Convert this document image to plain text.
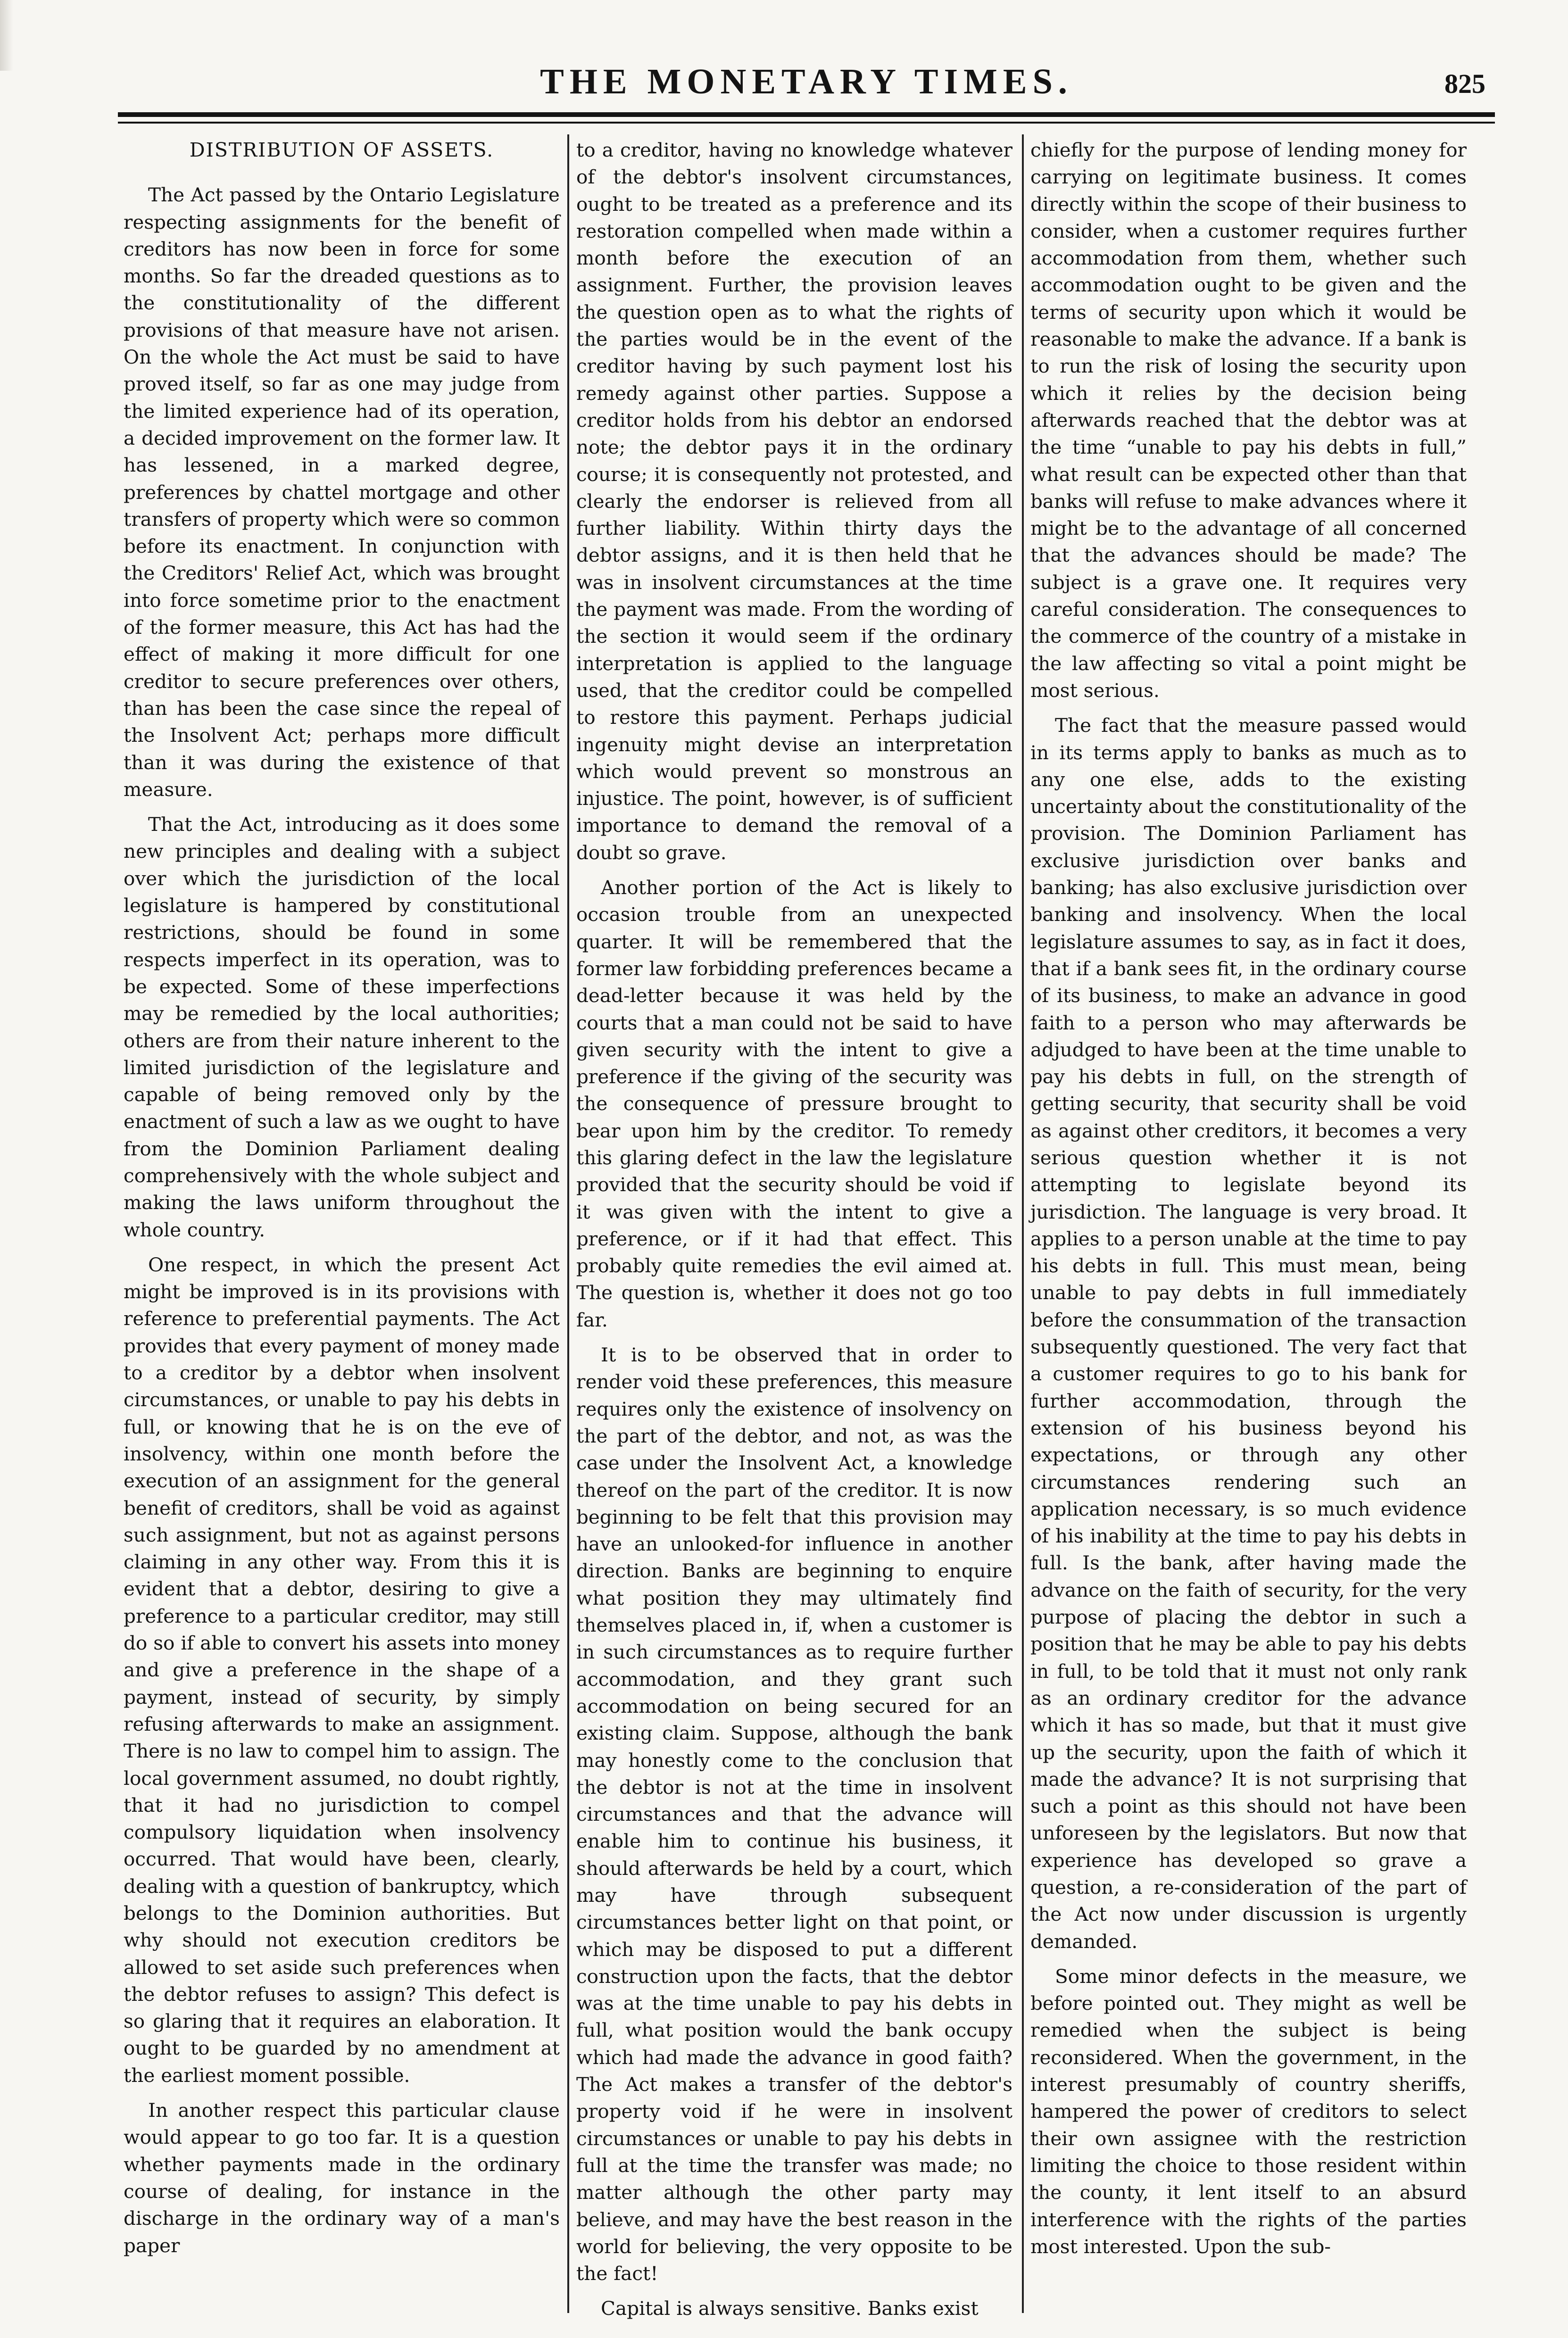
THE MONETARY TIMES.	825
DISTRIBUTION OF ASSETS.

The Act passed by the Ontario Legislature respecting assignments for the benefit of creditors has now been in force for some months. So far the dreaded questions as to the constitutionality of the different provisions of that measure have not arisen. On the whole the Act must be said to have proved itself, so far as one may judge from the limited experience had of its operation, a decided improvement on the former law. It has lessened, in a marked degree, preferences by chattel mortgage and other transfers of property which were so common before its enactment. In conjunction with the Creditors' Relief Act, which was brought into force sometime prior to the enactment of the former measure, this Act has had the effect of making it more difficult for one creditor to secure preferences over others, than has been the case since the repeal of the Insolvent Act; perhaps more difficult than it was during the existence of that measure.

That the Act, introducing as it does some new principles and dealing with a subject over which the jurisdiction of the local legislature is hampered by constitutional restrictions, should be found in some respects imperfect in its operation, was to be expected. Some of these imperfections may be remedied by the local authorities; others are from their nature inherent to the limited jurisdiction of the legislature and capable of being removed only by the enactment of such a law as we ought to have from the Dominion Parliament dealing comprehensively with the whole subject and making the laws uniform throughout the whole country.

One respect, in which the present Act might be improved is in its provisions with reference to preferential payments. The Act provides that every payment of money made to a creditor by a debtor when insolvent circumstances, or unable to pay his debts in full, or knowing that he is on the eve of insolvency, within one month before the execution of an assignment for the general benefit of creditors, shall be void as against such assignment, but not as against persons claiming in any other way. From this it is evident that a debtor, desiring to give a preference to a particular creditor, may still do so if able to convert his assets into money and give a preference in the shape of a payment, instead of security, by simply refusing afterwards to make an assignment. There is no law to compel him to assign. The local government assumed, no doubt rightly, that it had no jurisdiction to compel compulsory liquidation when insolvency occurred. That would have been, clearly, dealing with a question of bankruptcy, which belongs to the Dominion authorities. But why should not execution creditors be allowed to set aside such preferences when the debtor refuses to assign? This defect is so glaring that it requires an elaboration. It ought to be guarded by no amendment at the earliest moment possible.

In another respect this particular clause would appear to go too far. It is a question whether payments made in the ordinary course of dealing, for instance in the discharge in the ordinary way of a man's paper

to a creditor, having no knowledge whatever of the debtor's insolvent circumstances, ought to be treated as a preference and its restoration compelled when made within a month before the execution of an assignment. Further, the provision leaves the question open as to what the rights of the parties would be in the event of the creditor having by such payment lost his remedy against other parties. Suppose a creditor holds from his debtor an endorsed note; the debtor pays it in the ordinary course; it is consequently not protested, and clearly the endorser is relieved from all further liability. Within thirty days the debtor assigns, and it is then held that he was in insolvent circumstances at the time the payment was made. From the wording of the section it would seem if the ordinary interpretation is applied to the language used, that the creditor could be compelled to restore this payment. Perhaps judicial ingenuity might devise an interpretation which would prevent so monstrous an injustice. The point, however, is of sufficient importance to demand the removal of a doubt so grave.

Another portion of the Act is likely to occasion trouble from an unexpected quarter. It will be remembered that the former law forbidding preferences became a dead-letter because it was held by the courts that a man could not be said to have given security with the intent to give a preference if the giving of the security was the consequence of pressure brought to bear upon him by the creditor. To remedy this glaring defect in the law the legislature provided that the security should be void if it was given with the intent to give a preference, or if it had that effect. This probably quite remedies the evil aimed at. The question is, whether it does not go too far.

It is to be observed that in order to render void these preferences, this measure requires only the existence of insolvency on the part of the debtor, and not, as was the case under the Insolvent Act, a knowledge thereof on the part of the creditor. It is now beginning to be felt that this provision may have an unlooked-for influence in another direction. Banks are beginning to enquire what position they may ultimately find themselves placed in, if, when a customer is in such circumstances as to require further accommodation, and they grant such accommodation on being secured for an existing claim. Suppose, although the bank may honestly come to the conclusion that the debtor is not at the time in insolvent circumstances and that the advance will enable him to continue his business, it should afterwards be held by a court, which may have through subsequent circumstances better light on that point, or which may be disposed to put a different construction upon the facts, that the debtor was at the time unable to pay his debts in full, what position would the bank occupy which had made the advance in good faith? The Act makes a transfer of the debtor's property void if he were in insolvent circumstances or unable to pay his debts in full at the time the transfer was made; no matter although the other party may believe, and may have the best reason in the world for believing, the very opposite to be the fact!

Capital is always sensitive. Banks exist

chiefly for the purpose of lending money for carrying on legitimate business. It comes directly within the scope of their business to consider, when a customer requires further accommodation from them, whether such accommodation ought to be given and the terms of security upon which it would be reasonable to make the advance. If a bank is to run the risk of losing the security upon which it relies by the decision being afterwards reached that the debtor was at the time “unable to pay his debts in full,” what result can be expected other than that banks will refuse to make advances where it might be to the advantage of all concerned that the advances should be made? The subject is a grave one. It requires very careful consideration. The consequences to the commerce of the country of a mistake in the law affecting so vital a point might be most serious.

The fact that the measure passed would in its terms apply to banks as much as to any one else, adds to the existing uncertainty about the constitutionality of the provision. The Dominion Parliament has exclusive jurisdiction over banks and banking; has also exclusive jurisdiction over banking and insolvency. When the local legislature assumes to say, as in fact it does, that if a bank sees fit, in the ordinary course of its business, to make an advance in good faith to a person who may afterwards be adjudged to have been at the time unable to pay his debts in full, on the strength of getting security, that security shall be void as against other creditors, it becomes a very serious question whether it is not attempting to legislate beyond its jurisdiction. The language is very broad. It applies to a person unable at the time to pay his debts in full. This must mean, being unable to pay debts in full immediately before the consummation of the transaction subsequently questioned. The very fact that a customer requires to go to his bank for further accommodation, through the extension of his business beyond his expectations, or through any other circumstances rendering such an application necessary, is so much evidence of his inability at the time to pay his debts in full. Is the bank, after having made the advance on the faith of security, for the very purpose of placing the debtor in such a position that he may be able to pay his debts in full, to be told that it must not only rank as an ordinary creditor for the advance which it has so made, but that it must give up the security, upon the faith of which it made the advance? It is not surprising that such a point as this should not have been unforeseen by the legislators. But now that experience has developed so grave a question, a re-consideration of the part of the Act now under discussion is urgently demanded.

Some minor defects in the measure, we before pointed out. They might as well be remedied when the subject is being reconsidered. When the government, in the interest presumably of country sheriffs, hampered the power of creditors to select their own assignee with the restriction limiting the choice to those resident within the county, it lent itself to an absurd interference with the rights of the parties most interested. Upon the sub-
